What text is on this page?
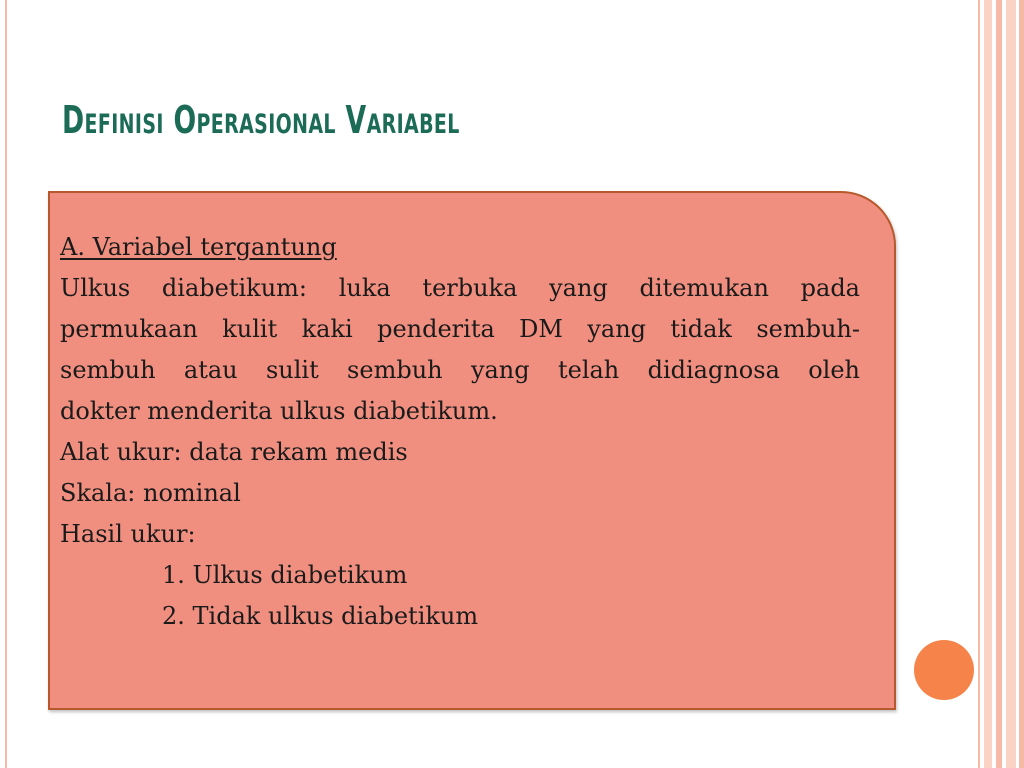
Definisi Operasional Variabel

A. Variabel tergantung

Ulkus diabetikum: luka terbuka yang ditemukan pada

permukaan kulit kaki penderita DM yang tidak sembuh-

sembuh atau sulit sembuh yang telah didiagnosa oleh

dokter menderita ulkus diabetikum.

Alat ukur: data rekam medis

Skala: nominal

Hasil ukur:

1. Ulkus diabetikum

2. Tidak ulkus diabetikum
